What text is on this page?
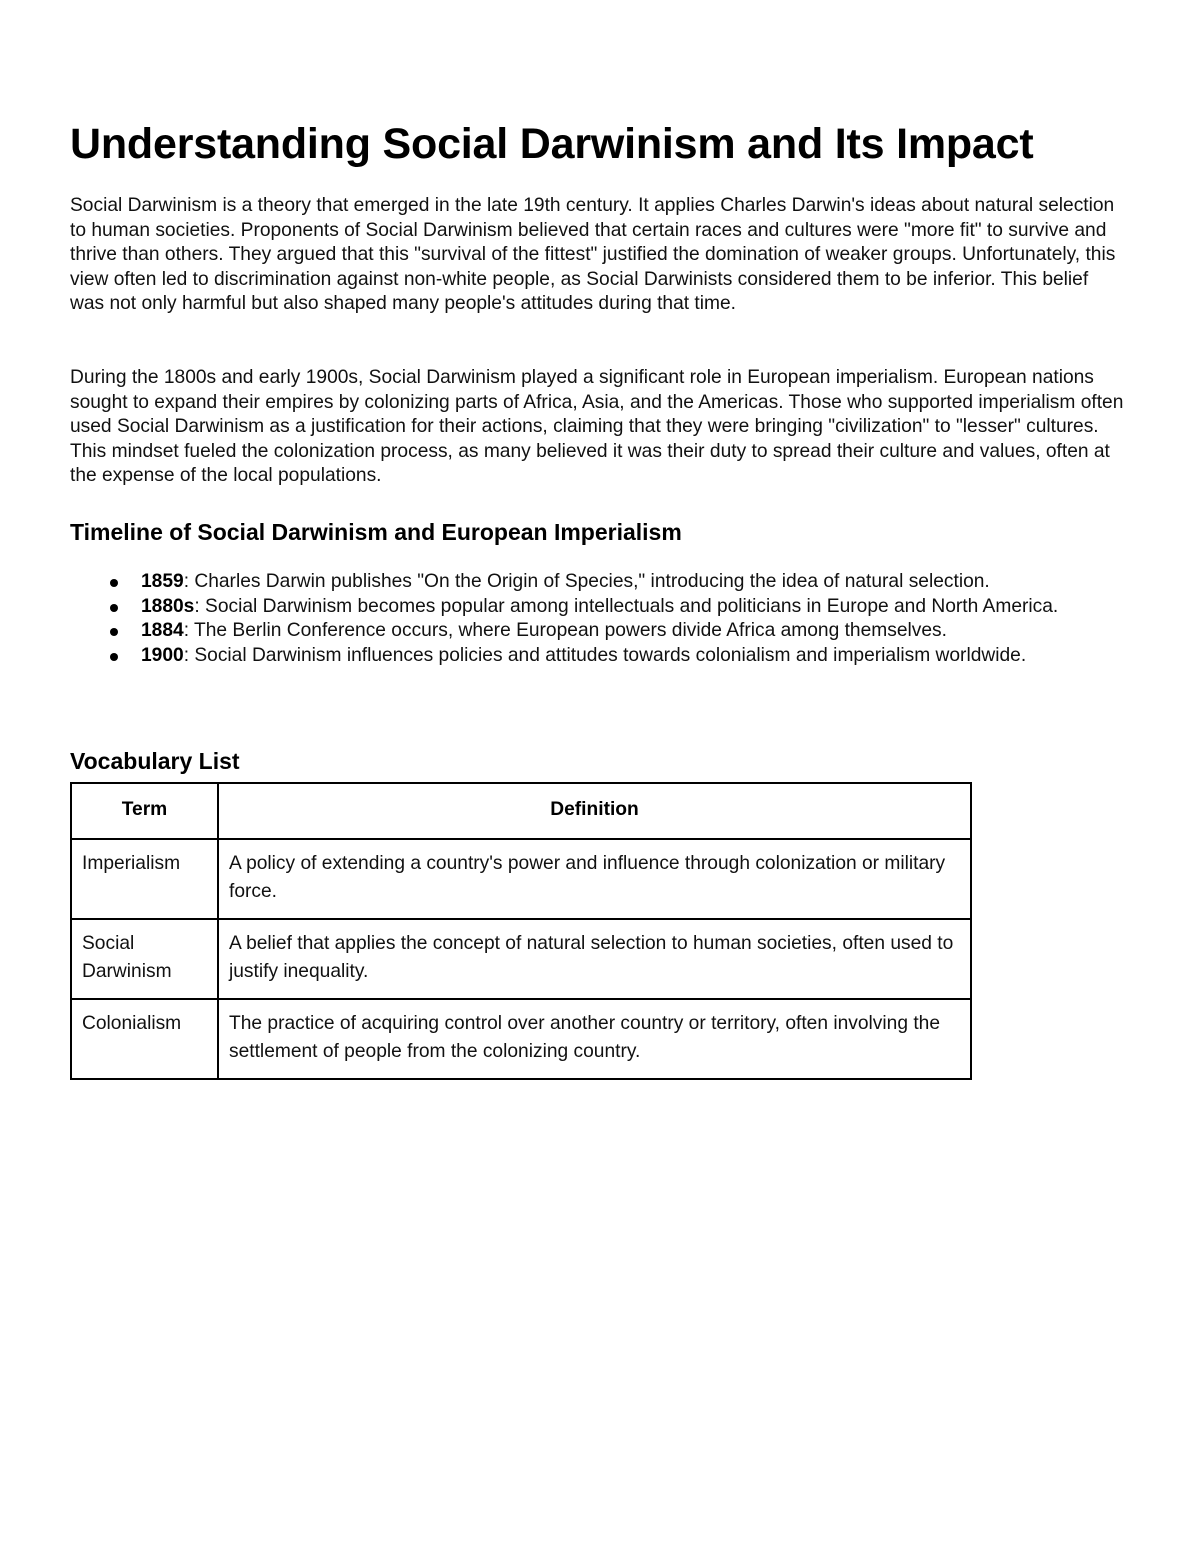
Understanding Social Darwinism and Its Impact

Social Darwinism is a theory that emerged in the late 19th century. It applies Charles Darwin's ideas about natural selection to human societies. Proponents of Social Darwinism believed that certain races and cultures were "more fit" to survive and thrive than others. They argued that this "survival of the fittest" justified the domination of weaker groups. Unfortunately, this view often led to discrimination against non-white people, as Social Darwinists considered them to be inferior. This belief was not only harmful but also shaped many people's attitudes during that time.

During the 1800s and early 1900s, Social Darwinism played a significant role in European imperialism. European nations sought to expand their empires by colonizing parts of Africa, Asia, and the Americas. Those who supported imperialism often used Social Darwinism as a justification for their actions, claiming that they were bringing "civilization" to "lesser" cultures. This mindset fueled the colonization process, as many believed it was their duty to spread their culture and values, often at the expense of the local populations.

Timeline of Social Darwinism and European Imperialism
1859: Charles Darwin publishes "On the Origin of Species," introducing the idea of natural selection.
1880s: Social Darwinism becomes popular among intellectuals and politicians in Europe and North America.
1884: The Berlin Conference occurs, where European powers divide Africa among themselves.
1900: Social Darwinism influences policies and attitudes towards colonialism and imperialism worldwide.
Vocabulary List
Term	Definition
Imperialism	A policy of extending a country's power and influence through colonization or military force.
Social Darwinism	A belief that applies the concept of natural selection to human societies, often used to justify inequality.
Colonialism	The practice of acquiring control over another country or territory, often involving the settlement of people from the colonizing country.
